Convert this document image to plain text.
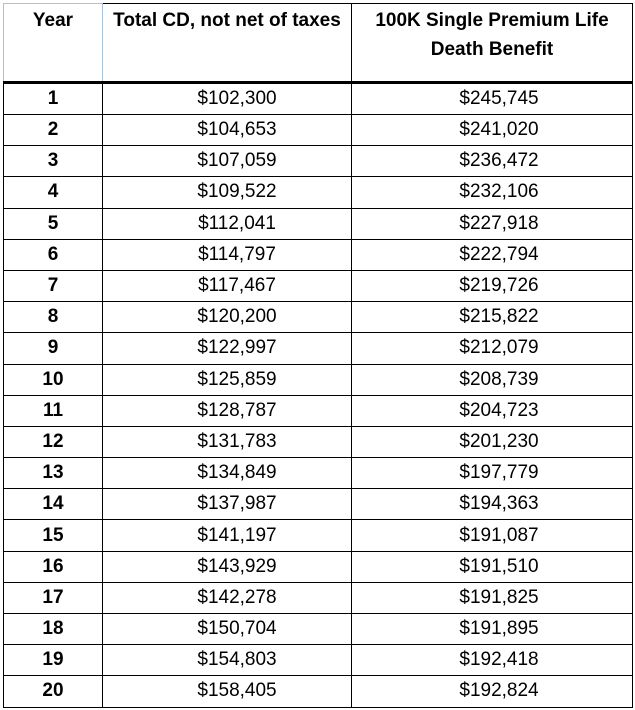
Year	Total CD, not net of taxes	100K Single Premium Life Death Benefit
1	$102,300	$245,745
2	$104,653	$241,020
3	$107,059	$236,472
4	$109,522	$232,106
5	$112,041	$227,918
6	$114,797	$222,794
7	$117,467	$219,726
8	$120,200	$215,822
9	$122,997	$212,079
10	$125,859	$208,739
11	$128,787	$204,723
12	$131,783	$201,230
13	$134,849	$197,779
14	$137,987	$194,363
15	$141,197	$191,087
16	$143,929	$191,510
17	$142,278	$191,825
18	$150,704	$191,895
19	$154,803	$192,418
20	$158,405	$192,824
